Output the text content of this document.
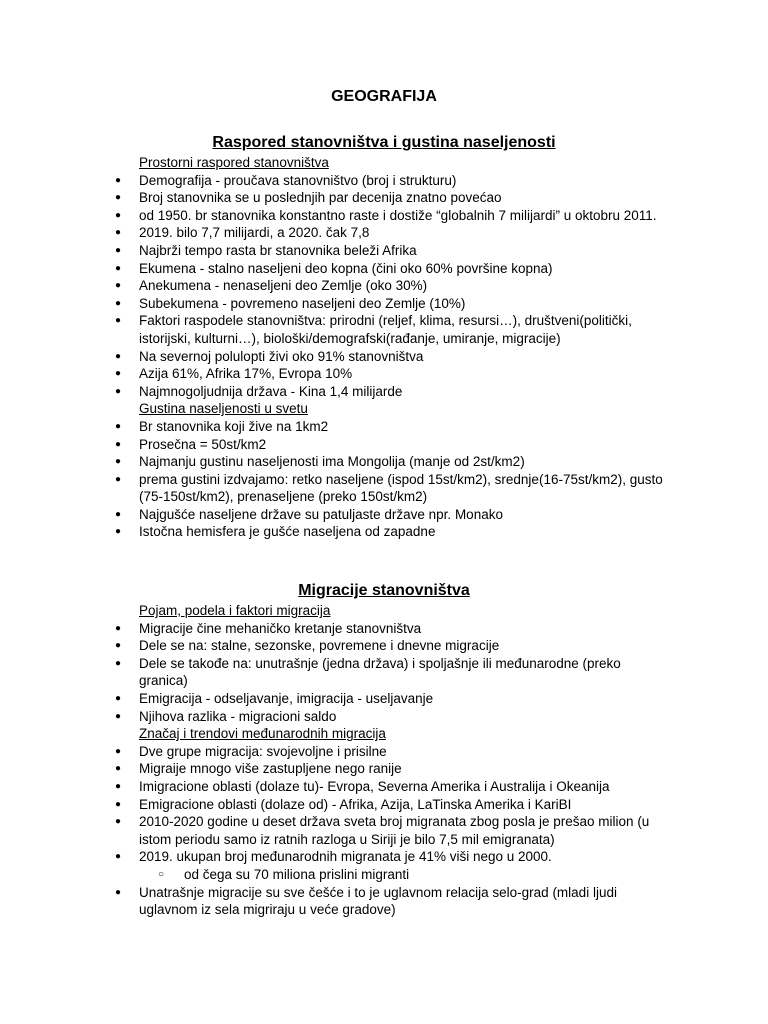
GEOGRAFIJA
Raspored stanovništva i gustina naseljenosti
Prostorni raspored stanovništva
● Demografija - proučava stanovništvo (broj i strukturu)
● Broj stanovnika se u poslednjih par decenija znatno povećao
● od 1950. br stanovnika konstantno raste i dostiže “globalnih 7 milijardi” u oktobru 2011.
● 2019. bilo 7,7 milijardi, a 2020. čak 7,8
● Najbrži tempo rasta br stanovnika beleži Afrika
● Ekumena - stalno naseljeni deo kopna (čini oko 60% površine kopna)
● Anekumena - nenaseljeni deo Zemlje (oko 30%)
● Subekumena - povremeno naseljeni deo Zemlje (10%)
● Faktori raspodele stanovništva: prirodni (reljef, klima, resursi…), društveni(politički, istorijski, kulturni…), biološki/demografski(rađanje, umiranje, migracije)
● Na severnoj polulopti živi oko 91% stanovništva
● Azija 61%, Afrika 17%, Evropa 10%
● Najmnogoljudnija država - Kina 1,4 milijarde
Gustina naseljenosti u svetu
● Br stanovnika koji žive na 1km2
● Prosečna = 50st/km2
● Najmanju gustinu naseljenosti ima Mongolija (manje od 2st/km2)
● prema gustini izdvajamo: retko naseljene (ispod 15st/km2), srednje(16-75st/km2), gusto (75-150st/km2), prenaseljene (preko 150st/km2)
● Najgušće naseljene države su patuljaste države npr. Monako
● Istočna hemisfera je gušće naseljena od zapadne
Migracije stanovništva
Pojam, podela i faktori migracija
● Migracije čine mehaničko kretanje stanovništva
● Dele se na: stalne, sezonske, povremene i dnevne migracije
● Dele se takođe na: unutrašnje (jedna država) i spoljašnje ili međunarodne (preko granica)
● Emigracija - odseljavanje, imigracija - useljavanje
● Njihova razlika - migracioni saldo
Značaj i trendovi međunarodnih migracija
● Dve grupe migracija: svojevoljne i prisilne
● Migraije mnogo više zastupljene nego ranije
● Imigracione oblasti (dolaze tu)- Evropa, Severna Amerika i Australija i Okeanija
● Emigracione oblasti (dolaze od) - Afrika, Azija, LaTinska Amerika i KariBI
● 2010-2020 godine u deset država sveta broj migranata zbog posla je prešao milion (u istom periodu samo iz ratnih razloga u Siriji je bilo 7,5 mil emigranata)
● 2019. ukupan broj međunarodnih migranata je 41% viši nego u 2000.
○ od čega su 70 miliona prislini migranti
● Unatrašnje migracije su sve češće i to je uglavnom relacija selo-grad (mladi ljudi uglavnom iz sela migriraju u veće gradove)
